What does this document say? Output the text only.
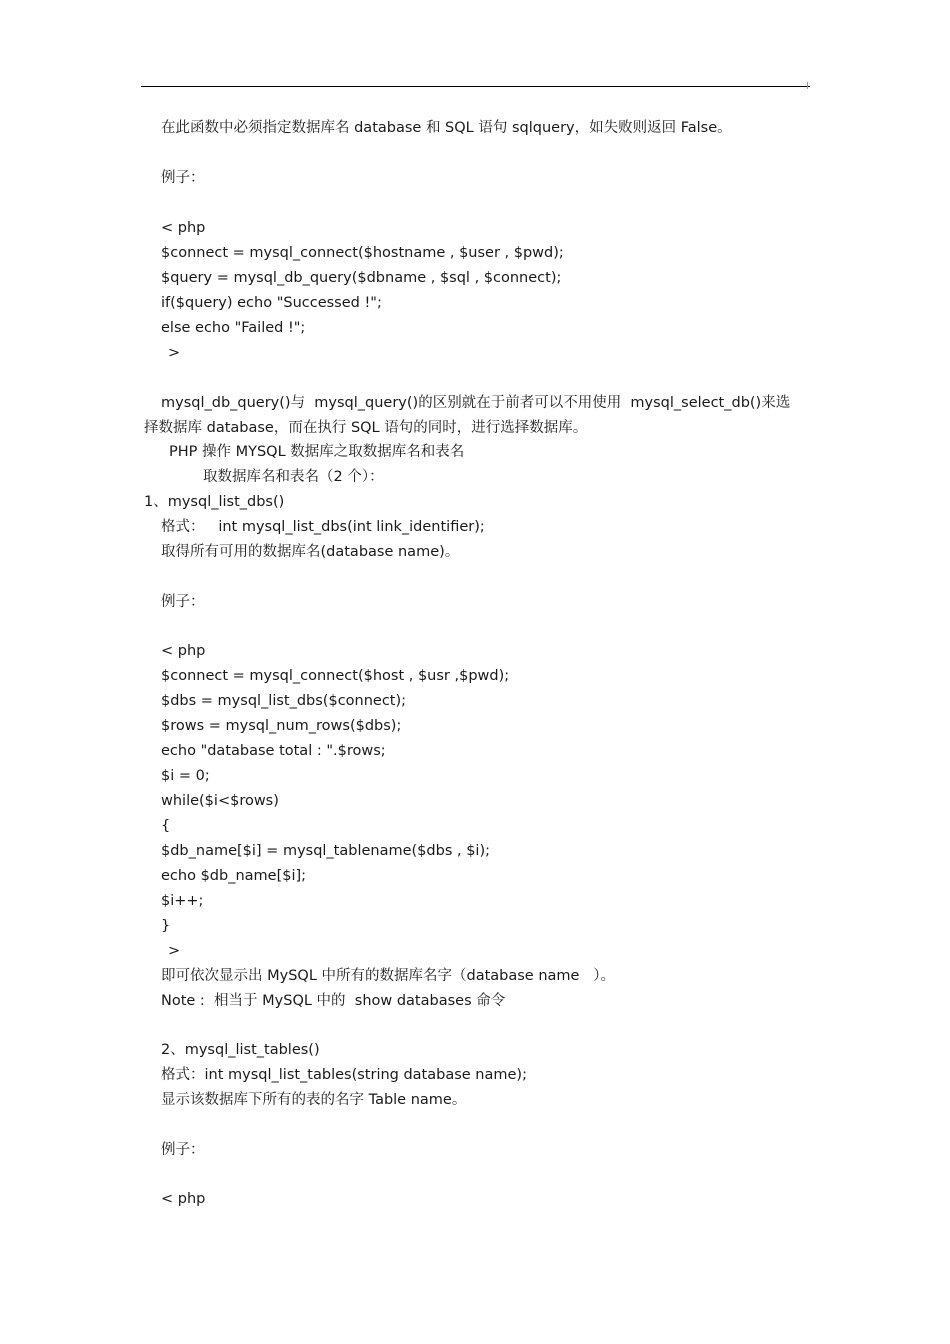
在此函数中必须指定数据库名 database 和 SQL 语句 sqlquery，如失败则返回 False。

例子：

< php

$connect = mysql_connect($hostname , $user , $pwd);

$query = mysql_db_query($dbname , $sql , $connect);

if($query) echo "Successed !";

else echo "Failed !";

>

mysql_db_query()与  mysql_query()的区别就在于前者可以不用使用  mysql_select_db()来选

择数据库 database，而在执行 SQL 语句的同时，进行选择数据库。

PHP 操作 MYSQL 数据库之取数据库名和表名

取数据库名和表名（2 个）：

1、mysql_list_dbs()

格式：   int mysql_list_dbs(int link_identifier);

取得所有可用的数据库名(database name)。

例子：

< php

$connect = mysql_connect($host , $usr ,$pwd);

$dbs = mysql_list_dbs($connect);

$rows = mysql_num_rows($dbs);

echo "database total : ".$rows;

$i = 0;

while($i<$rows)

{

$db_name[$i] = mysql_tablename($dbs , $i);

echo $db_name[$i];

$i++;

}

>

即可依次显示出 MySQL 中所有的数据库名字（database name   ）。

Note :  相当于 MySQL 中的  show databases 命令

2、mysql_list_tables()

格式：int mysql_list_tables(string database name);

显示该数据库下所有的表的名字 Table name。

例子：

< php
